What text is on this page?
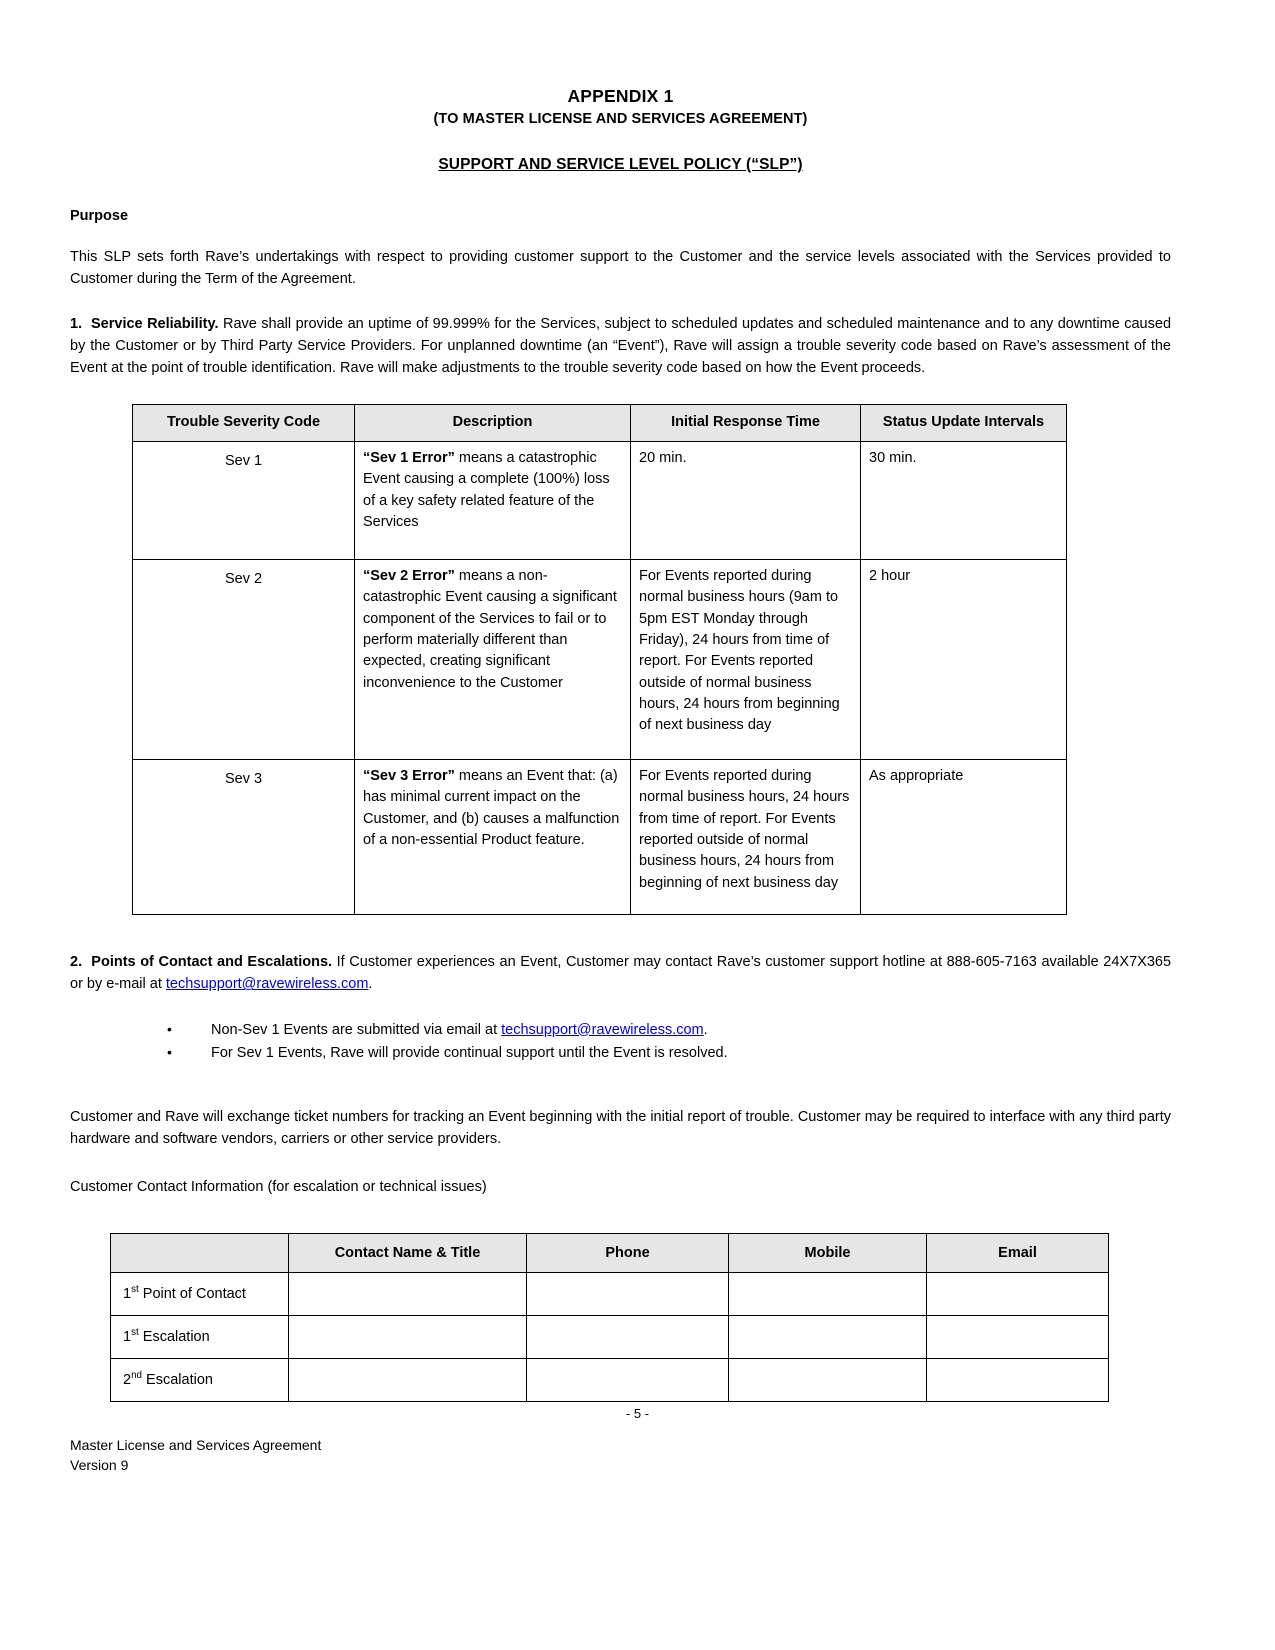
APPENDIX 1
(TO MASTER LICENSE AND SERVICES AGREEMENT)
SUPPORT AND SERVICE LEVEL POLICY (“SLP”)
Purpose

This SLP sets forth Rave’s undertakings with respect to providing customer support to the Customer and the service levels associated with the Services provided to Customer during the Term of the Agreement.

1. Service Reliability. Rave shall provide an uptime of 99.999% for the Services, subject to scheduled updates and scheduled maintenance and to any downtime caused by the Customer or by Third Party Service Providers. For unplanned downtime (an “Event”), Rave will assign a trouble severity code based on Rave’s assessment of the Event at the point of trouble identification. Rave will make adjustments to the trouble severity code based on how the Event proceeds.

Trouble Severity Code	Description	Initial Response Time	Status Update Intervals
Sev 1	“Sev 1 Error” means a catastrophic Event causing a complete (100%) loss of a key safety related feature of the Services	20 min.	30 min.
Sev 2	“Sev 2 Error” means a non-catastrophic Event causing a significant component of the Services to fail or to perform materially different than expected, creating significant inconvenience to the Customer	For Events reported during normal business hours (9am to 5pm EST Monday through Friday), 24 hours from time of report. For Events reported outside of normal business hours, 24 hours from beginning of next business day	2 hour
Sev 3	“Sev 3 Error” means an Event that: (a) has minimal current impact on the Customer, and (b) causes a malfunction of a non-essential Product feature.	For Events reported during normal business hours, 24 hours from time of report. For Events reported outside of normal business hours, 24 hours from beginning of next business day	As appropriate

2. Points of Contact and Escalations. If Customer experiences an Event, Customer may contact Rave’s customer support hotline at 888-605-7163 available 24X7X365 or by e-mail at techsupport@ravewireless.com.

• Non-Sev 1 Events are submitted via email at techsupport@ravewireless.com.
• For Sev 1 Events, Rave will provide continual support until the Event is resolved.

Customer and Rave will exchange ticket numbers for tracking an Event beginning with the initial report of trouble. Customer may be required to interface with any third party hardware and software vendors, carriers or other service providers.

Customer Contact Information (for escalation or technical issues)

	Contact Name & Title	Phone	Mobile	Email
1st Point of Contact				
1st Escalation				
2nd Escalation				
- 5 -
Master License and Services Agreement
Version 9
